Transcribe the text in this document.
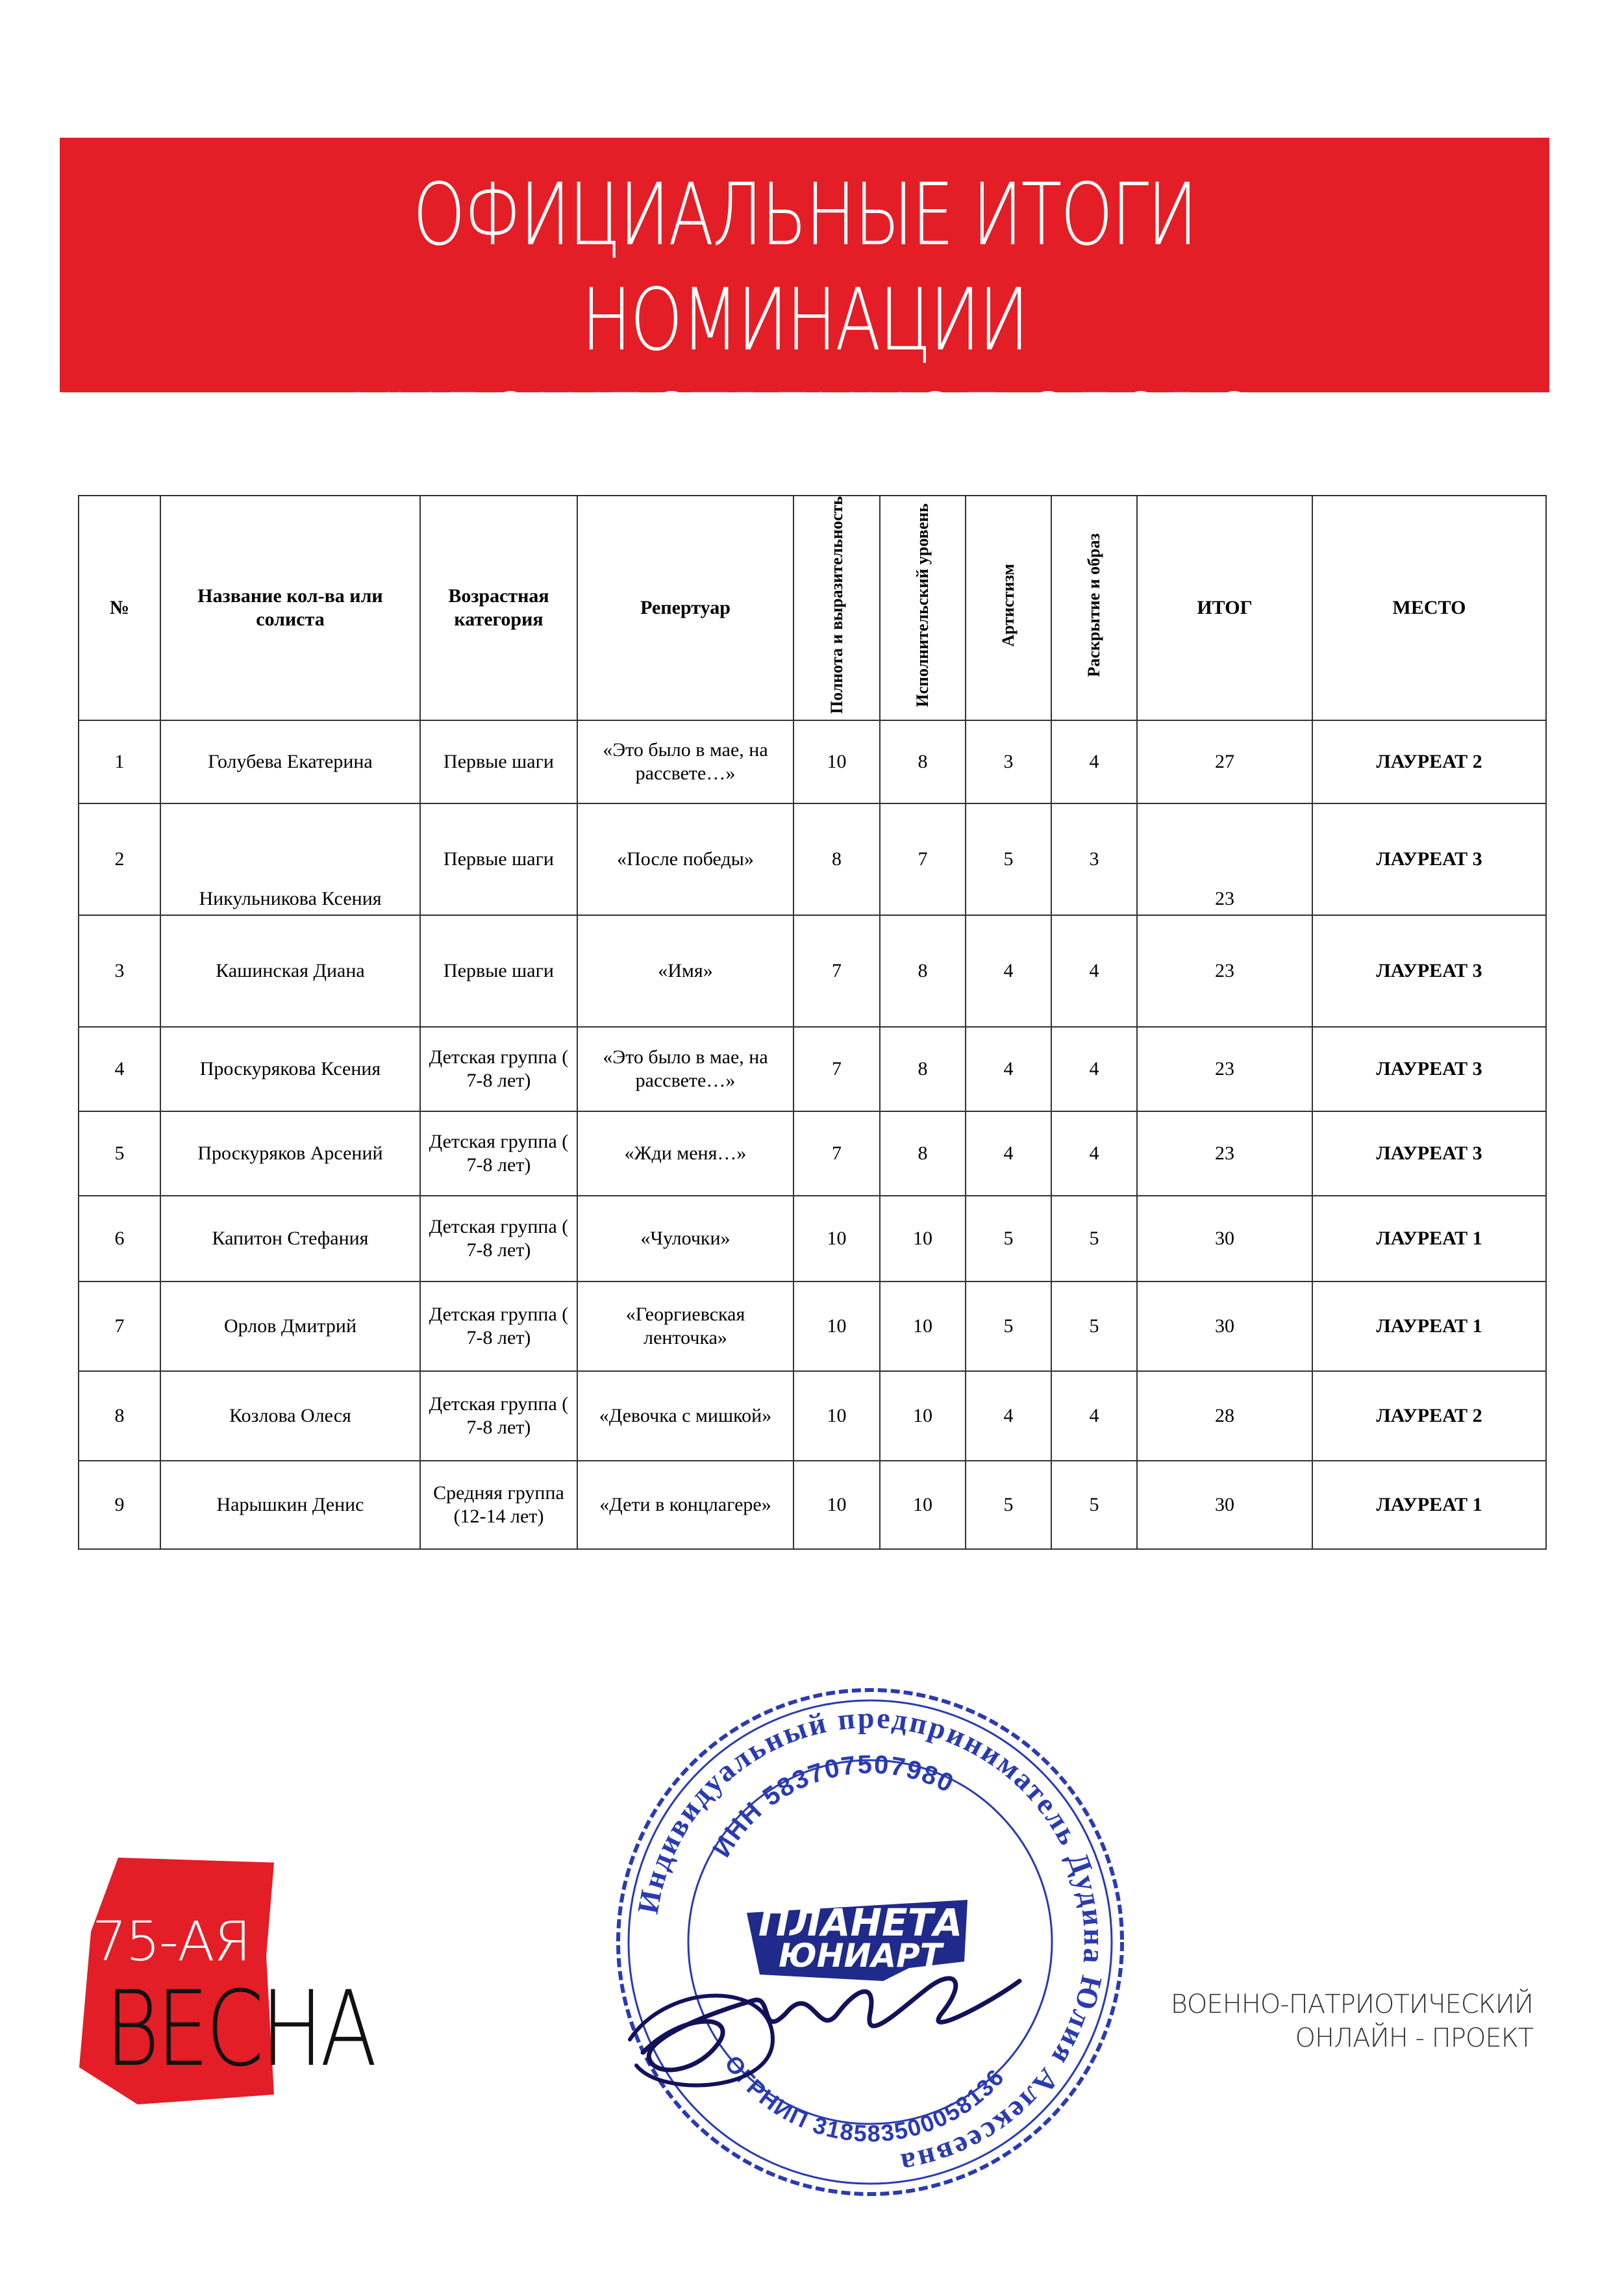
ОФИЦИАЛЬНЫЕ ИТОГИ НОМИНАЦИИ
«ХУДОЖЕСТВЕННОЕ СЛОВО»
№	Название кол-ва или солиста	Возрастная категория	Репертуар	Полнота и выразительность	Исполнительский уровень	Артистизм	Раскрытие и образ	ИТОГ	МЕСТО
1	Голубева Екатерина	Первые шаги	«Это было в мае, на рассвете…»	10	8	3	4	27	ЛАУРЕАТ 2
2	Никульникова Ксения	Первые шаги	«После победы»	8	7	5	3	23	ЛАУРЕАТ 3
3	Кашинская Диана	Первые шаги	«Имя»	7	8	4	4	23	ЛАУРЕАТ 3
4	Проскурякова Ксения	Детская группа ( 7-8 лет)	«Это было в мае, на рассвете…»	7	8	4	4	23	ЛАУРЕАТ 3
5	Проскуряков Арсений	Детская группа ( 7-8 лет)	«Жди меня…»	7	8	4	4	23	ЛАУРЕАТ 3
6	Капитон Стефания	Детская группа ( 7-8 лет)	«Чулочки»	10	10	5	5	30	ЛАУРЕАТ 1
7	Орлов Дмитрий	Детская группа ( 7-8 лет)	«Георгиевская ленточка»	10	10	5	5	30	ЛАУРЕАТ 1
8	Козлова Олеся	Детская группа ( 7-8 лет)	«Девочка с мишкой»	10	10	4	4	28	ЛАУРЕАТ 2
9	Нарышкин Денис	Средняя группа (12-14 лет)	«Дети в концлагере»	10	10	5	5	30	ЛАУРЕАТ 1
75-АЯ
ВЕСНА
Индивидуальный предприниматель Дудина Юлия Алексеевна
ИНН 583707507980
ОГРНИП 318583500058136
ПЛАНЕТА
ЮНИАРТ
ВОЕННО-ПАТРИОТИЧЕСКИЙ
ОНЛАЙН - ПРОЕКТ
